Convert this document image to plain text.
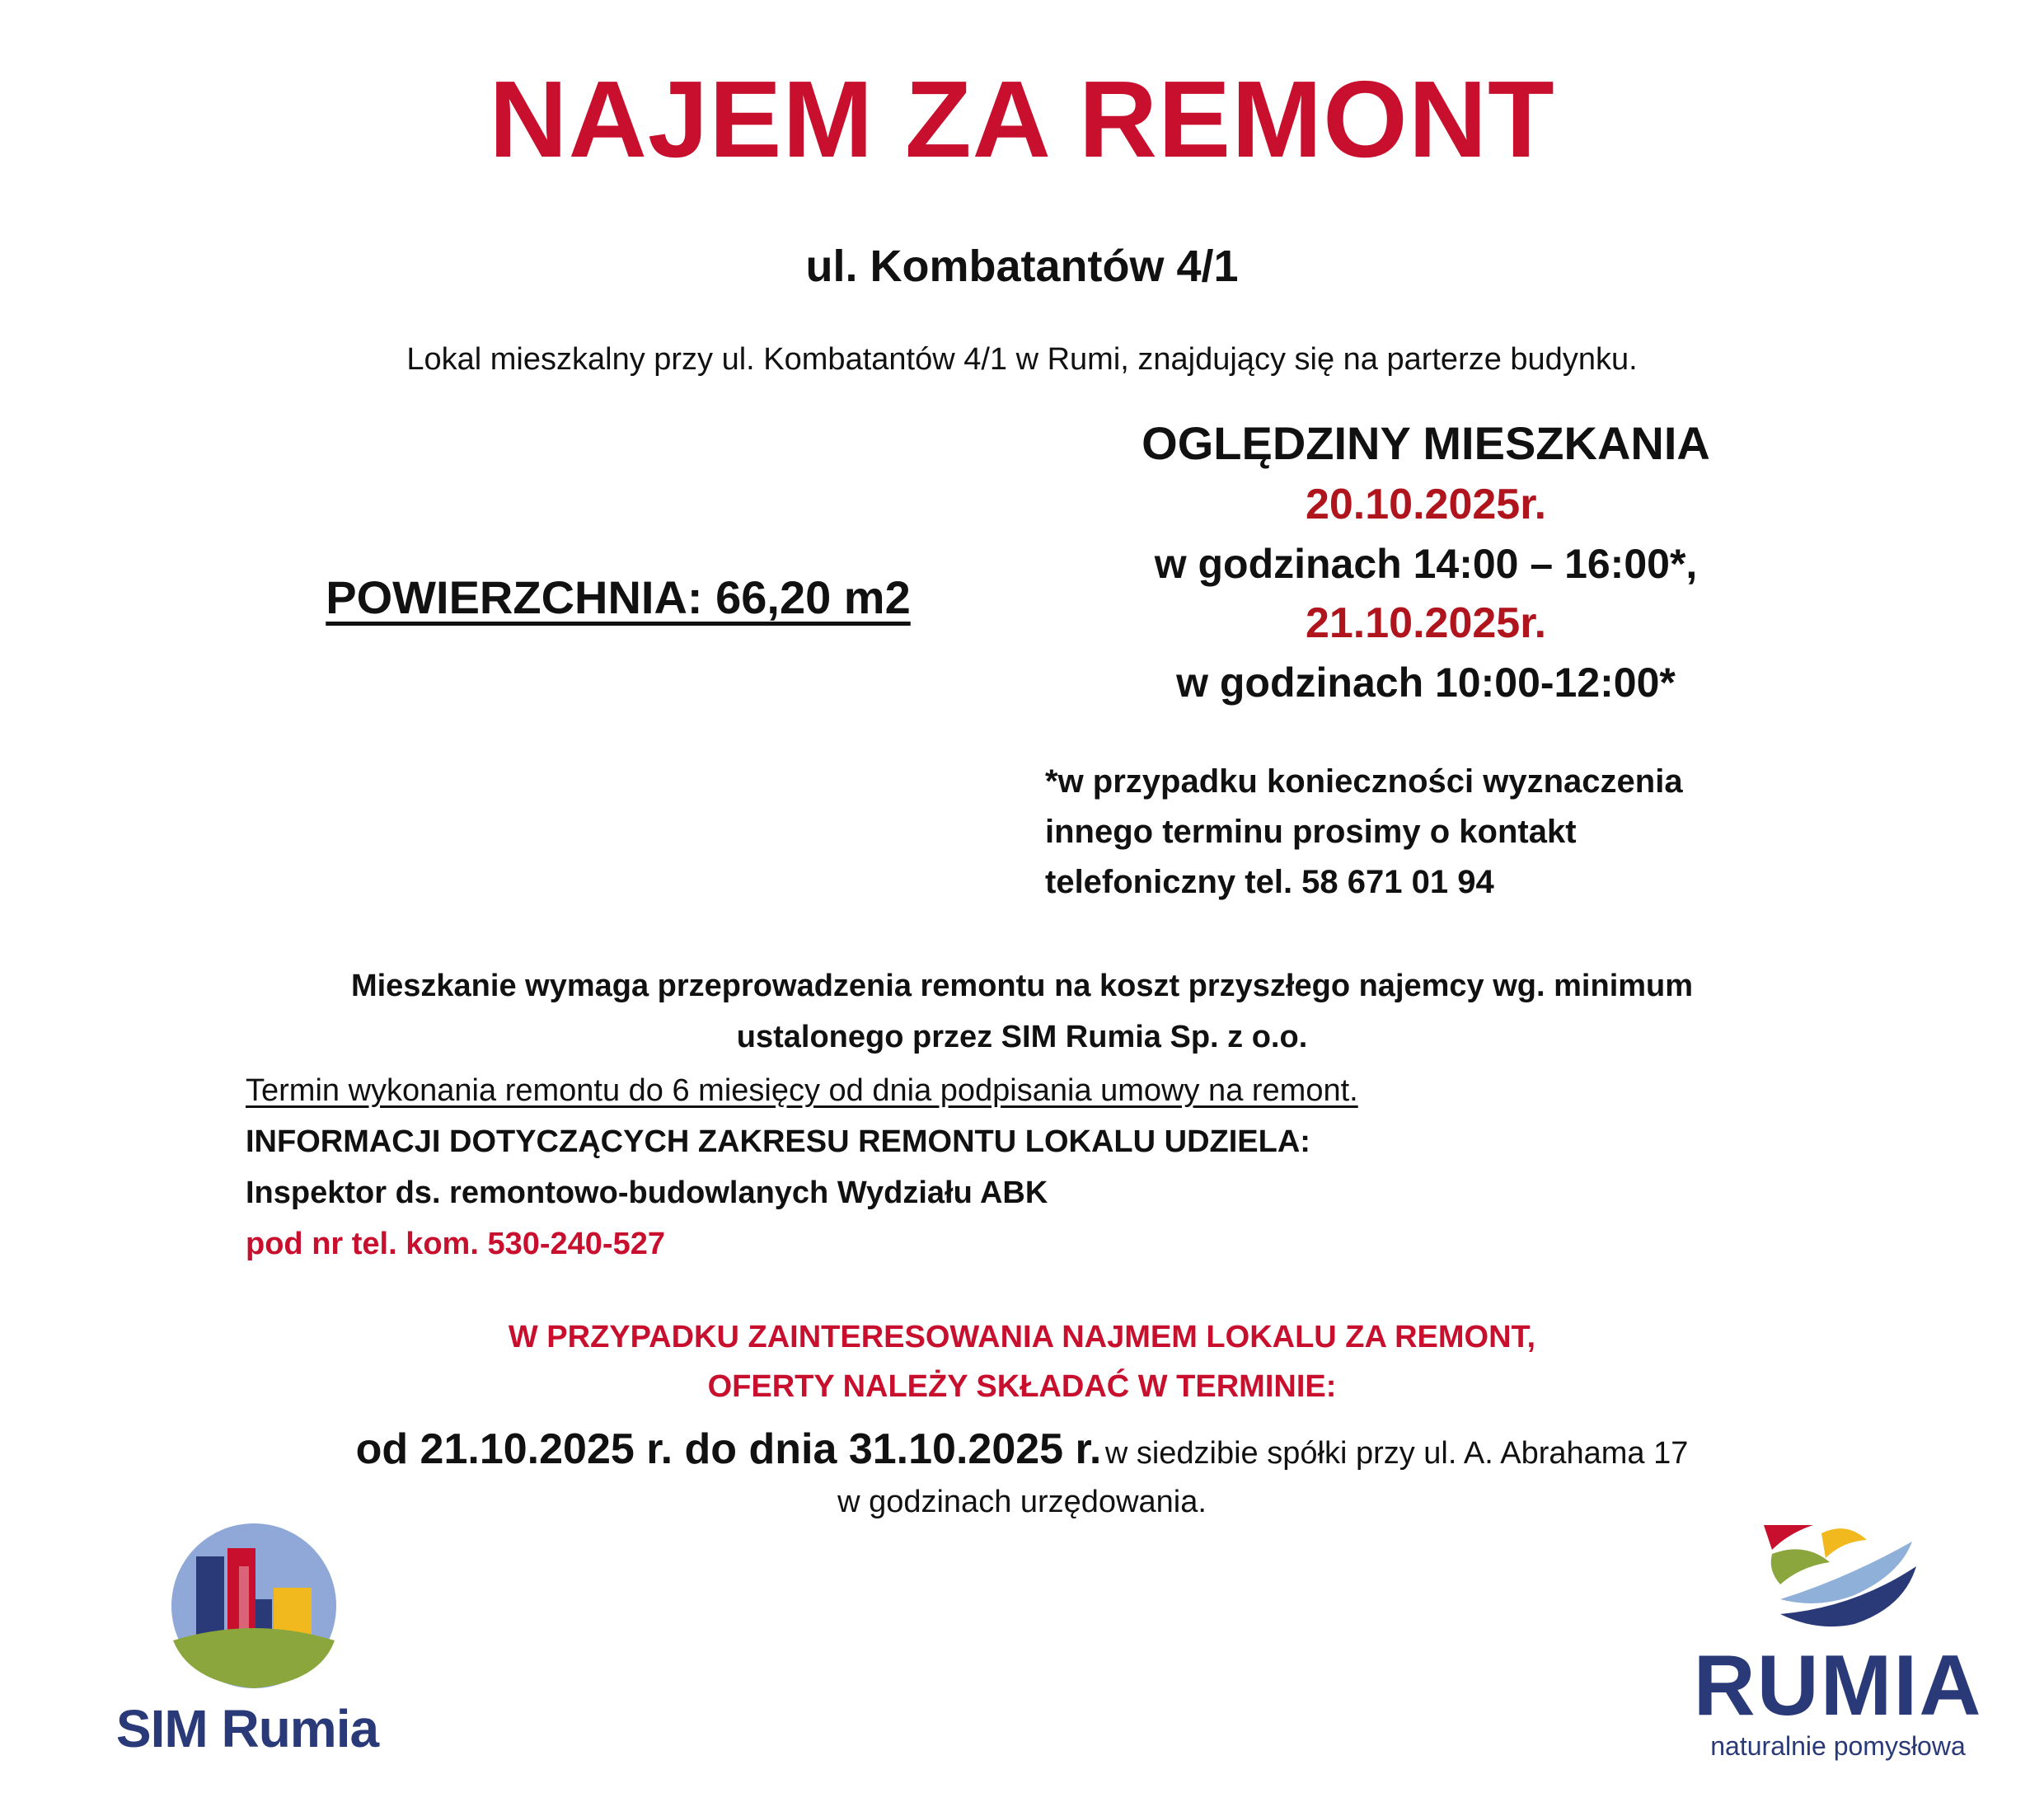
NAJEM ZA REMONT
ul. Kombatantów 4/1
Lokal mieszkalny przy ul. Kombatantów 4/1 w Rumi, znajdujący się na parterze budynku.
POWIERZCHNIA: 66,20 m2
OGLĘDZINY MIESZKANIA
20.10.2025r.
w godzinach 14:00 – 16:00*,
21.10.2025r.
w godzinach 10:00-12:00*
*w przypadku konieczności wyznaczenia
innego terminu prosimy o kontakt
telefoniczny tel. 58 671 01 94
Mieszkanie wymaga przeprowadzenia remontu na koszt przyszłego najemcy wg. minimum
ustalonego przez SIM Rumia Sp. z o.o.
Termin wykonania remontu do 6 miesięcy od dnia podpisania umowy na remont.
INFORMACJI DOTYCZĄCYCH ZAKRESU REMONTU LOKALU UDZIELA:
Inspektor ds. remontowo-budowlanych Wydziału ABK
pod nr tel. kom. 530-240-527
W PRZYPADKU ZAINTERESOWANIA NAJMEM LOKALU ZA REMONT,
OFERTY NALEŻY SKŁADAĆ W TERMINIE:
od 21.10.2025 r. do dnia 31.10.2025 r. w siedzibie spółki przy ul. A. Abrahama 17
w godzinach urzędowania.
SIM Rumia	RUMIA
naturalnie pomysłowa
